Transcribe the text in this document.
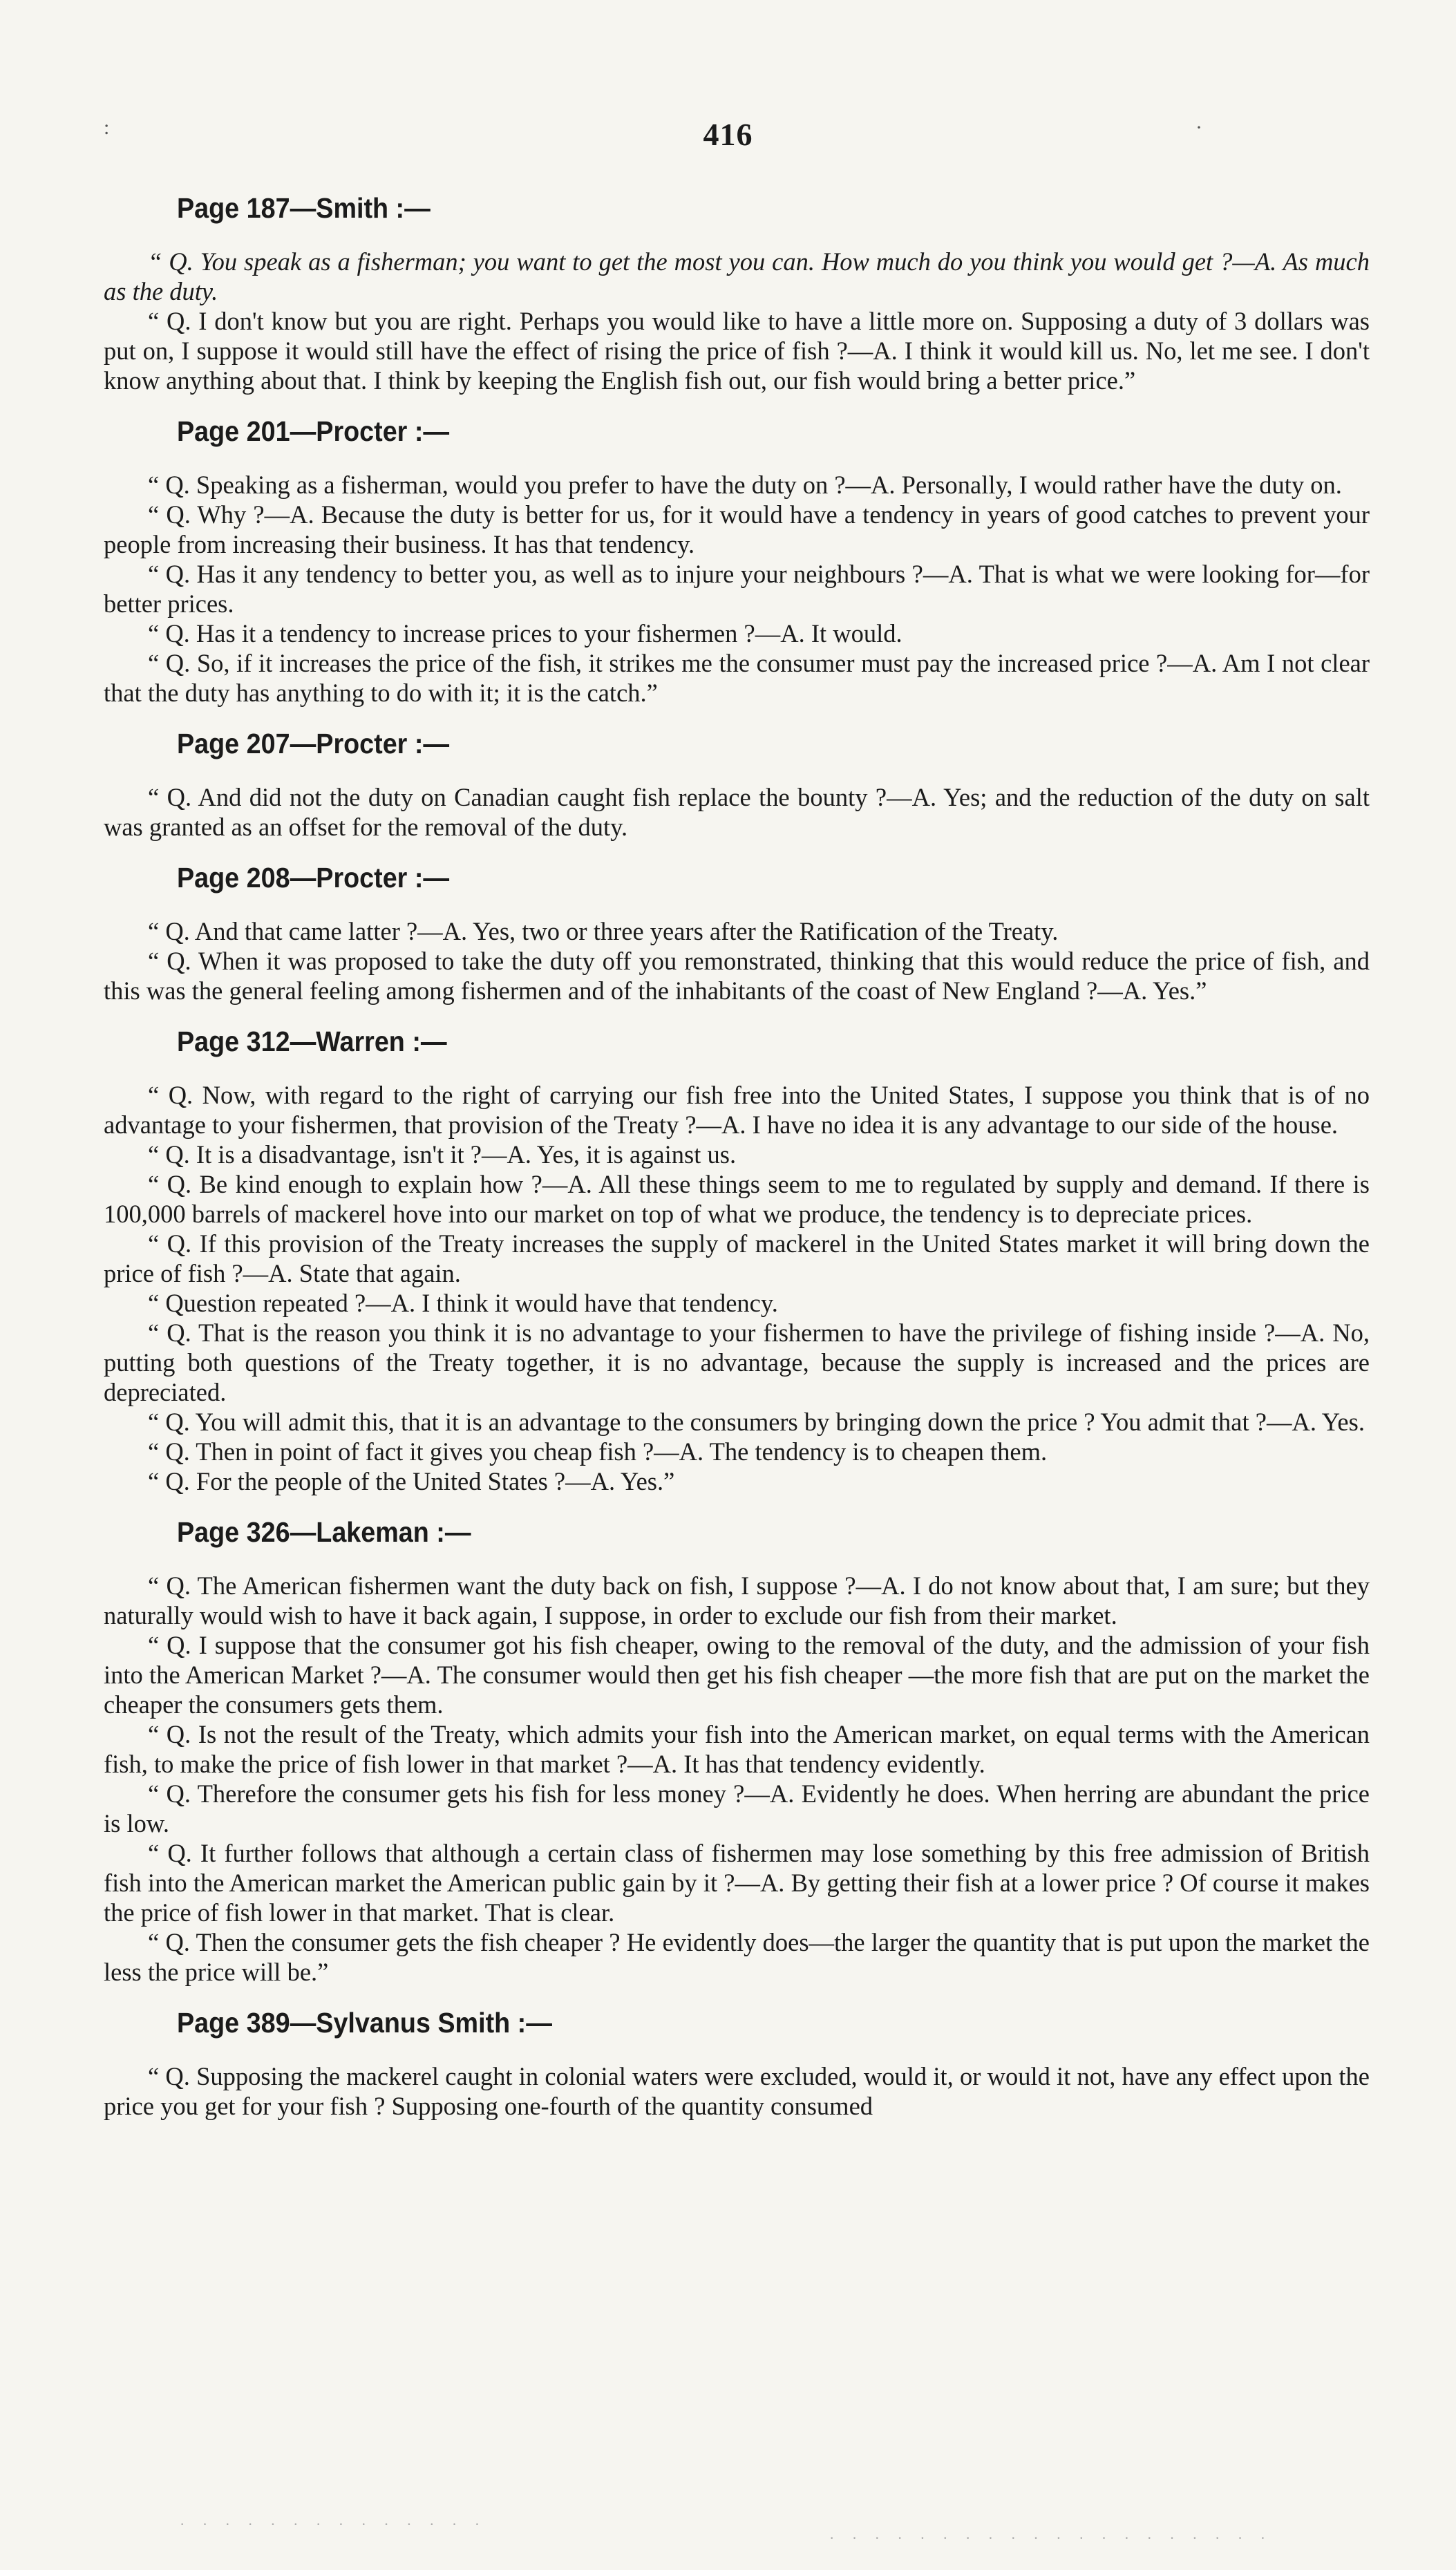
:	·
416
Page 187—Smith :—

“ Q. You speak as a fisherman; you want to get the most you can. How much do you think you would get ?—A. As much as the duty.

“ Q. I don't know but you are right. Perhaps you would like to have a little more on. Supposing a duty of 3 dollars was put on, I suppose it would still have the effect of rising the price of fish ?—A. I think it would kill us. No, let me see. I don't know anything about that. I think by keeping the English fish out, our fish would bring a better price.”

Page 201—Procter :—

“ Q. Speaking as a fisherman, would you prefer to have the duty on ?—A. Personally, I would rather have the duty on.

“ Q. Why ?—A. Because the duty is better for us, for it would have a tendency in years of good catches to prevent your people from increasing their business. It has that tendency.

“ Q. Has it any tendency to better you, as well as to injure your neighbours ?—A. That is what we were looking for—for better prices.

“ Q. Has it a tendency to increase prices to your fishermen ?—A. It would.

“ Q. So, if it increases the price of the fish, it strikes me the consumer must pay the increased price ?—A. Am I not clear that the duty has anything to do with it; it is the catch.”

Page 207—Procter :—

“ Q. And did not the duty on Canadian caught fish replace the bounty ?—A. Yes; and the reduction of the duty on salt was granted as an offset for the removal of the duty.

Page 208—Procter :—

“ Q. And that came latter ?—A. Yes, two or three years after the Ratification of the Treaty.

“ Q. When it was proposed to take the duty off you remonstrated, thinking that this would reduce the price of fish, and this was the general feeling among fishermen and of the inhabitants of the coast of New England ?—A. Yes.”

Page 312—Warren :—

“ Q. Now, with regard to the right of carrying our fish free into the United States, I suppose you think that is of no advantage to your fishermen, that provision of the Treaty ?—A. I have no idea it is any advantage to our side of the house.

“ Q. It is a disadvantage, isn't it ?—A. Yes, it is against us.

“ Q. Be kind enough to explain how ?—A. All these things seem to me to regulated by supply and demand. If there is 100,000 barrels of mackerel hove into our market on top of what we produce, the tendency is to depreciate prices.

“ Q. If this provision of the Treaty increases the supply of mackerel in the United States market it will bring down the price of fish ?—A. State that again.

“ Question repeated ?—A. I think it would have that tendency.

“ Q. That is the reason you think it is no advantage to your fishermen to have the privilege of fishing inside ?—A. No, putting both questions of the Treaty together, it is no advantage, because the supply is increased and the prices are depreciated.

“ Q. You will admit this, that it is an advantage to the consumers by bringing down the price ? You admit that ?—A. Yes.

“ Q. Then in point of fact it gives you cheap fish ?—A. The tendency is to cheapen them.

“ Q. For the people of the United States ?—A. Yes.”

Page 326—Lakeman :—

“ Q. The American fishermen want the duty back on fish, I suppose ?—A. I do not know about that, I am sure; but they naturally would wish to have it back again, I suppose, in order to exclude our fish from their market.

“ Q. I suppose that the consumer got his fish cheaper, owing to the removal of the duty, and the admission of your fish into the American Market ?—A. The consumer would then get his fish cheaper —the more fish that are put on the market the cheaper the consumers gets them.

“ Q. Is not the result of the Treaty, which admits your fish into the American market, on equal terms with the American fish, to make the price of fish lower in that market ?—A. It has that tendency evidently.

“ Q. Therefore the consumer gets his fish for less money ?—A. Evidently he does. When herring are abundant the price is low.

“ Q. It further follows that although a certain class of fishermen may lose something by this free admission of British fish into the American market the American public gain by it ?—A. By getting their fish at a lower price ? Of course it makes the price of fish lower in that market. That is clear.

“ Q. Then the consumer gets the fish cheaper ? He evidently does—the larger the quantity that is put upon the market the less the price will be.”

Page 389—Sylvanus Smith :—

“ Q. Supposing the mackerel caught in colonial waters were excluded, would it, or would it not, have any effect upon the price you get for your fish ? Supposing one-fourth of the quantity consumed

· · · · · · · · · · · · · ·
· · · · · · · · · · · · · · · · · · · ·
